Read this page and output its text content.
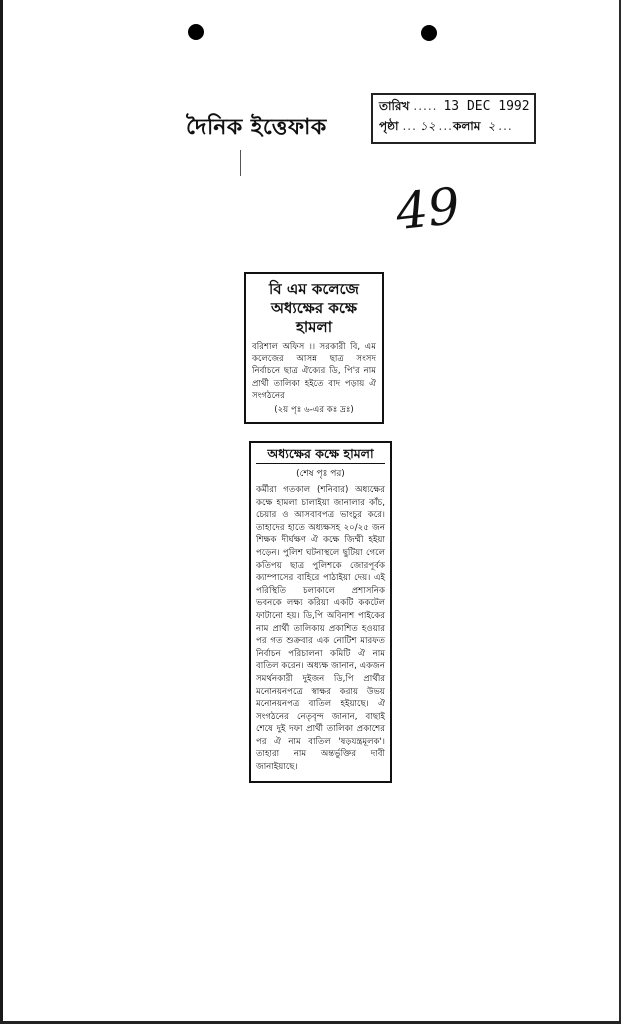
দৈনিক ইত্তেফাক
তারিখ ..... 13 DEC 1992
পৃষ্ঠা ... ১২ ... কলাম ২ ...
49
বি এম কলেজে অধ্যক্ষের কক্ষে হামলা
বরিশাল অফিস ।। সরকারী বি, এম কলেজের আসন্ন ছাত্র সংসদ নির্বাচনে ছাত্র ঐক্যের ডি, পি'র নাম প্রার্থী তালিকা হইতে বাদ পড়ায় ঐ সংগঠনের
(২য় পৃঃ ৬-এর কঃ দ্রঃ)
অধ্যক্ষের কক্ষে হামলা
(শেষ পৃঃ পর)
কর্মীরা গতকাল (শনিবার) অধ্যক্ষের কক্ষে হামলা চালাইয়া জানালার কাঁচ, চেয়ার ও আসবাবপত্র ভাংচুর করে। তাহাদের হাতে অধ্যক্ষসহ ২০/২৫ জন শিক্ষক দীর্ঘক্ষণ ঐ কক্ষে জিম্মী হইয়া পড়েন। পুলিশ ঘটনাস্থলে ছুটিয়া গেলে কতিপয় ছাত্র পুলিশকে জোরপূর্বক ক্যাম্পাসের বাহিরে পাঠাইয়া দেয়। এই পরিস্থিতি চলাকালে প্রশাসনিক ভবনকে লক্ষ্য করিয়া একটি ককটেল ফাটানো হয়। ডি,পি অবিনাশ পাইকের নাম প্রার্থী তালিকায় প্রকাশিত হওয়ার পর গত শুক্রবার এক নোটিশ মারফত নির্বাচন পরিচালনা কমিটি ঐ নাম বাতিল করেন। অধ্যক্ষ জানান, একজন সমর্থনকারী দুইজন ডি,পি প্রার্থীর মনোনয়নপত্রে স্বাক্ষর করায় উভয় মনোনয়নপত্র বাতিল হইয়াছে। ঐ সংগঠনের নেতৃবৃন্দ জানান, বাছাই শেষে দুই দফা প্রার্থী তালিকা প্রকাশের পর ঐ নাম বাতিল 'ষড়যন্ত্রমূলক'। তাহারা নাম অন্তর্ভুক্তির দাবী জানাইয়াছে।
